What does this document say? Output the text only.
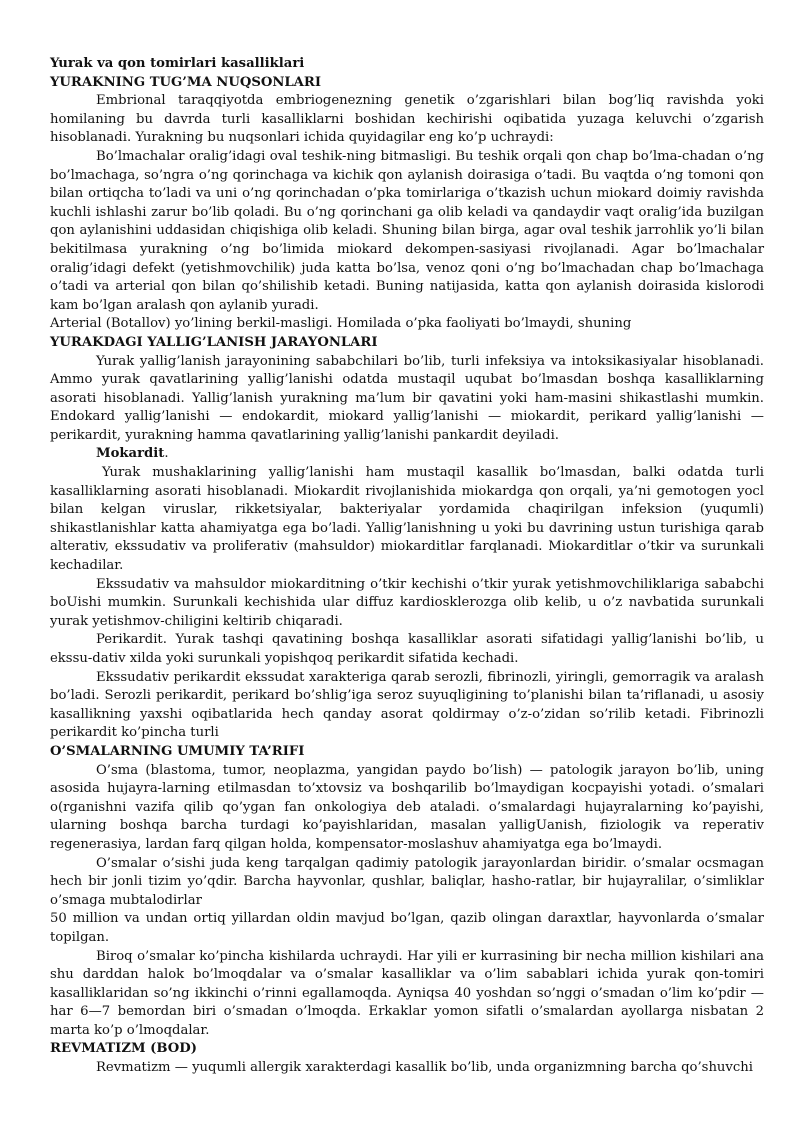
Yurak va qon tomirlari kasalliklari

YURAKNING TUG’MA NUQSONLARI

Embrional taraqqiyotda embriogenezning genetik o’zgarishlari bilan bog’liq ravishda yoki homilaning bu davrda turli kasalliklarni boshidan kechirishi oqibatida yuzaga keluvchi o’zgarish hisoblanadi. Yurakning bu nuqsonlari ichida quyidagilar eng ko’p uchraydi:

Bo’lmachalar oralig’idagi oval teshik-ning bitmasligi. Bu teshik orqali qon chap bo’lma-chadan o’ng bo’lmachaga, so’ngra o’ng qorinchaga va kichik qon aylanish doirasiga o’tadi. Bu vaqtda o’ng tomoni qon bilan ortiqcha to’ladi va uni o’ng qorinchadan o’pka tomirlariga o’tkazish uchun miokard doimiy ravishda kuchli ishlashi zarur bo’lib qoladi. Bu o’ng qorinchani ga olib keladi va qandaydir vaqt oralig’ida buzilgan qon aylanishini uddasidan chiqishiga olib keladi. Shuning bilan birga, agar oval teshik jarrohlik yo’li bilan bekitilmasa yurakning o’ng bo’limida miokard dekompen-sasiyasi rivojlanadi. Agar bo’lmachalar oralig’idagi defekt (yetishmovchilik) juda katta bo’lsa, venoz qoni o’ng bo’lmachadan chap bo’lmachaga o’tadi va arterial qon bilan qo’shilishib ketadi. Buning natijasida, katta qon aylanish doirasida kislorodi kam bo’lgan aralash qon aylanib yuradi.

Arterial (Botallov) yo’lining berkil-masligi. Homilada o’pka faoliyati bo’lmaydi, shuning

YURAKDAGI YALLIG’LANISH JARAYONLARI

Yurak yallig’lanish jarayonining sababchilari bo’lib, turli infeksiya va intoksikasiyalar hisoblanadi. Ammo yurak qavatlarining yallig’lanishi odatda mustaqil uqubat bo’lmasdan boshqa kasalliklarning asorati hisoblanadi. Yallig’lanish yurakning ma’lum bir qavatini yoki ham-masini shikastlashi mumkin. Endokard yallig’lanishi — endokardit, miokard yallig’lanishi — miokardit, perikard yallig’lanishi — perikardit, yurakning hamma qavatlarining yallig’lanishi pankardit deyiladi.

Mokardit.

Yurak mushaklarining yallig’lanishi ham mustaqil kasallik bo’lmasdan, balki odatda turli kasalliklarning asorati hisoblanadi. Miokardit rivojlanishida miokardga qon orqali, ya’ni gemotogen yocl bilan kelgan viruslar, rikketsiyalar, bakteriyalar yordamida chaqirilgan infeksion (yuqumli) shikastlanishlar katta ahamiyatga ega bo’ladi. Yallig’lanishning u yoki bu davrining ustun turishiga qarab alterativ, ekssudativ va proliferativ (mahsuldor) miokarditlar farqlanadi. Miokarditlar o’tkir va surunkali kechadilar.

Ekssudativ va mahsuldor miokarditning o’tkir kechishi o’tkir yurak yetishmovchiliklariga sababchi boUishi mumkin. Surunkali kechishida ular diffuz kardiosklerozga olib kelib, u o’z navbatida surunkali yurak yetishmov-chiligini keltirib chiqaradi.

Perikardit. Yurak tashqi qavatining boshqa kasalliklar asorati sifatidagi yallig’lanishi bo’lib, u ekssu-dativ xilda yoki surunkali yopishqoq perikardit sifatida kechadi.

Ekssudativ perikardit ekssudat xarakteriga qarab serozli, fibrinozli, yiringli, gemorragik va aralash bo’ladi. Serozli perikardit, perikard bo’shlig’iga seroz suyuqligining to’planishi bilan ta’riflanadi, u asosiy kasallikning yaxshi oqibatlarida hech qanday asorat qoldirmay o’z-o’zidan so’rilib ketadi. Fibrinozli perikardit ko’pincha turli

O’SMALARNING UMUMIY TA’RIFI

O’sma (blastoma, tumor, neoplazma, yangidan paydo bo’lish) — patologik jarayon bo’lib, uning asosida hujayra-larning etilmasdan to’xtovsiz va boshqarilib bo’lmaydigan kocpayishi yotadi. o’smalari o(rganishni vazifa qilib qo’ygan fan onkologiya deb ataladi. o’smalardagi hujayralarning ko’payishi, ularning boshqa barcha turdagi ko’payishlaridan, masalan yalligUanish, fiziologik va reperativ regenerasiya, lardan farq qilgan holda, kompensator-moslashuv ahamiyatga ega bo’lmaydi.

O’smalar o’sishi juda keng tarqalgan qadimiy patologik jarayonlardan biridir. o’smalar ocsmagan hech bir jonli tizim yo’qdir. Barcha hayvonlar, qushlar, baliqlar, hasho-ratlar, bir hujayralilar, o’simliklar o’smaga mubtalodirlar

50 million va undan ortiq yillardan oldin mavjud bo’lgan, qazib olingan daraxtlar, hayvonlarda o’smalar topilgan.

Biroq o’smalar ko’pincha kishilarda uchraydi. Har yili er kurrasining bir necha million kishilari ana shu darddan halok bo’lmoqdalar va o’smalar kasalliklar va o’lim sabablari ichida yurak qon-tomiri kasalliklaridan so’ng ikkinchi o’rinni egallamoqda. Ayniqsa 40 yoshdan so’nggi o’smadan o’lim ko’pdir — har 6—7 bemordan biri o’smadan o’lmoqda. Erkaklar yomon sifatli o’smalardan ayollarga nisbatan 2 marta ko’p o’lmoqdalar.

REVMATIZM (BOD)

Revmatizm — yuqumli allergik xarakterdagi kasallik bo’lib, unda organizmning barcha qo’shuvchi
